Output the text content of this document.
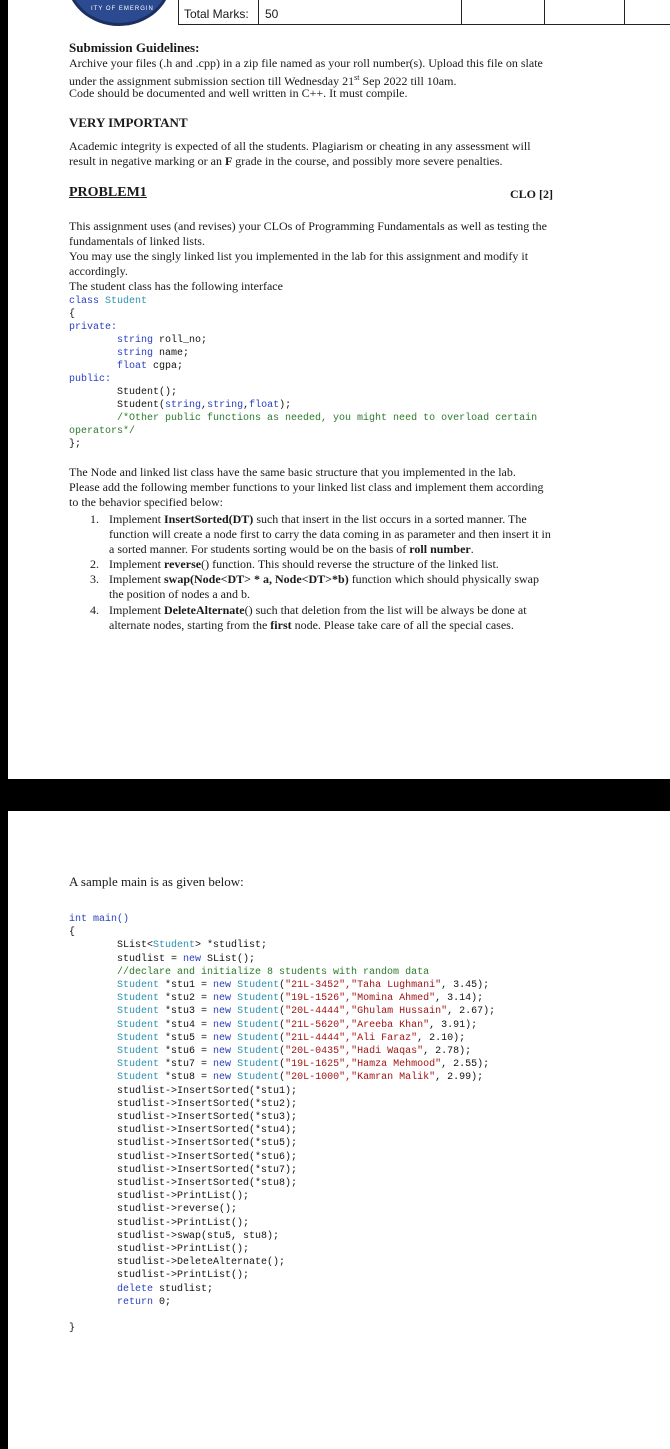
ITY OF EMERGIN	Total Marks: 50
Submission Guidelines:
Archive your files (.h and .cpp) in a zip file named as your roll number(s). Upload this file on slate
under the assignment submission section till Wednesday 21st Sep 2022 till 10am.
Code should be documented and well written in C++. It must compile.
VERY IMPORTANT
Academic integrity is expected of all the students. Plagiarism or cheating in any assessment will
result in negative marking or an F grade in the course, and possibly more severe penalties.
PROBLEM1	CLO [2]
This assignment uses (and revises) your CLOs of Programming Fundamentals as well as testing the
fundamentals of linked lists.
You may use the singly linked list you implemented in the lab for this assignment and modify it
accordingly.
The student class has the following interface
class Student
{
private:
string roll_no;
string name;
float cgpa;
public:
Student();
Student(string,string,float);
/*Other public functions as needed, you might need to overload certain
operators*/
};
The Node and linked list class have the same basic structure that you implemented in the lab.
Please add the following member functions to your linked list class and implement them according
to the behavior specified below:
1. Implement InsertSorted(DT) such that insert in the list occurs in a sorted manner. The
function will create a node first to carry the data coming in as parameter and then insert it in
a sorted manner. For students sorting would be on the basis of roll number.
2. Implement reverse() function. This should reverse the structure of the linked list.
3. Implement swap(Node<DT> * a, Node<DT>*b) function which should physically swap
the position of nodes a and b.
4. Implement DeleteAlternate() such that deletion from the list will be always be done at
alternate nodes, starting from the first node. Please take care of all the special cases.
A sample main is as given below:
int main()
{
SList<Student> *studlist;
studlist = new SList();
//declare and initialize 8 students with random data
Student *stu1 = new Student("21L-3452","Taha Lughmani", 3.45);
Student *stu2 = new Student("19L-1526","Momina Ahmed", 3.14);
Student *stu3 = new Student("20L-4444","Ghulam Hussain", 2.67);
Student *stu4 = new Student("21L-5620","Areeba Khan", 3.91);
Student *stu5 = new Student("21L-4444","Ali Faraz", 2.10);
Student *stu6 = new Student("20L-0435","Hadi Waqas", 2.78);
Student *stu7 = new Student("19L-1625","Hamza Mehmood", 2.55);
Student *stu8 = new Student("20L-1000","Kamran Malik", 2.99);
studlist->InsertSorted(*stu1);
studlist->InsertSorted(*stu2);
studlist->InsertSorted(*stu3);
studlist->InsertSorted(*stu4);
studlist->InsertSorted(*stu5);
studlist->InsertSorted(*stu6);
studlist->InsertSorted(*stu7);
studlist->InsertSorted(*stu8);
studlist->PrintList();
studlist->reverse();
studlist->PrintList();
studlist->swap(stu5, stu8);
studlist->PrintList();
studlist->DeleteAlternate();
studlist->PrintList();
delete studlist;
return 0;

}
